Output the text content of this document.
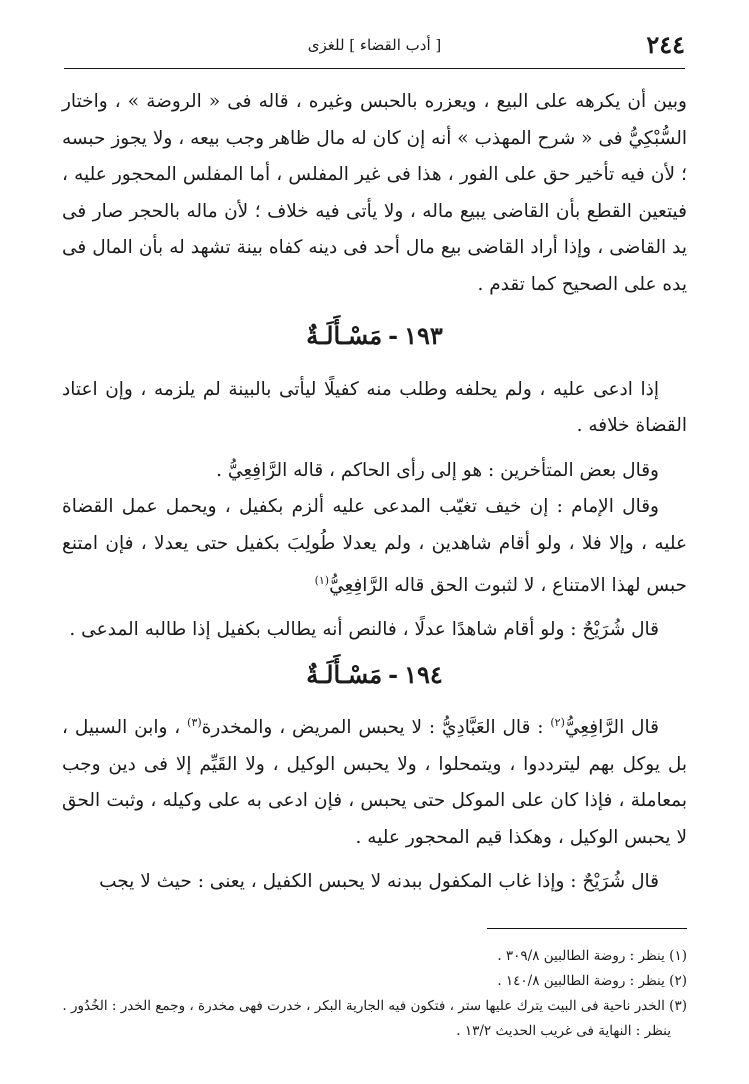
٢٤٤
[ أدب القضاء ] للغزى

وبين أن يكرهه على البيع ، ويعزره بالحبس وغيره ، قاله فى « الروضة » ، واختار السُّبْكِيُّ فى « شرح المهذب » أنه إن كان له مال ظاهر وجب بيعه ، ولا يجوز حبسه ؛ لأن فيه تأخير حق على الفور ، هذا فى غير المفلس ، أما المفلس المحجور عليه ، فيتعين القطع بأن القاضى يبيع ماله ، ولا يأتى فيه خلاف ؛ لأن ماله بالحجر صار فى يد القاضى ، وإذا أراد القاضى بيع مال أحد فى دينه كفاه بينة تشهد له بأن المال فى يده على الصحيح كما تقدم .

١٩٣-مَسْـأَلَـةٌ

إذا ادعى عليه ، ولم يحلفه وطلب منه كفيلًا ليأتى بالبينة لم يلزمه ، وإن اعتاد القضاة خلافه .

وقال بعض المتأخرين : هو إلى رأى الحاكم ، قاله الرَّافِعِيُّ .

وقال الإمام : إن خيف تغيّب المدعى عليه ألزم بكفيل ، ويحمل عمل القضاة عليه ، وإلا فلا ، ولو أقام شاهدين ، ولم يعدلا طُولِبَ بكفيل حتى يعدلا ، فإن امتنع حبس لهذا الامتناع ، لا لثبوت الحق قاله الرَّافِعِيُّ$^{(١)}$

قال شُرَيْحٌ : ولو أقام شاهدًا عدلًا ، فالنص أنه يطالب بكفيل إذا طالبه المدعى .

١٩٤-مَسْـأَلَـةٌ

قال الرَّافِعِيُّ$^{(٢)}$ : قال العَبَّادِيُّ : لا يحبس المريض ، والمخدرة$^{(٣)}$ ، وابن السبيل ، بل يوكل بهم ليترددوا ، ويتمحلوا ، ولا يحبس الوكيل ، ولا القَيِّم إلا فى دين وجب بمعاملة ، فإذا كان على الموكل حتى يحبس ، فإن ادعى به على وكيله ، وثبت الحق لا يحبس الوكيل ، وهكذا قيم المحجور عليه .

قال شُرَيْحٌ : وإذا غاب المكفول ببدنه لا يحبس الكفيل ، يعنى : حيث لا يجب

(١) ينظر : روضة الطالبين ٣٠٩/٨ .

(٢) ينظر : روضة الطالبين ١٤٠/٨ .

(٣) الخدر ناحية فى البيت يترك عليها ستر ، فتكون فيه الجارية البكر ، خدرت فهى مخدرة ، وجمع الخدر : الخُدُور .

ينظر : النهاية فى غريب الحديث ١٣/٢ .
